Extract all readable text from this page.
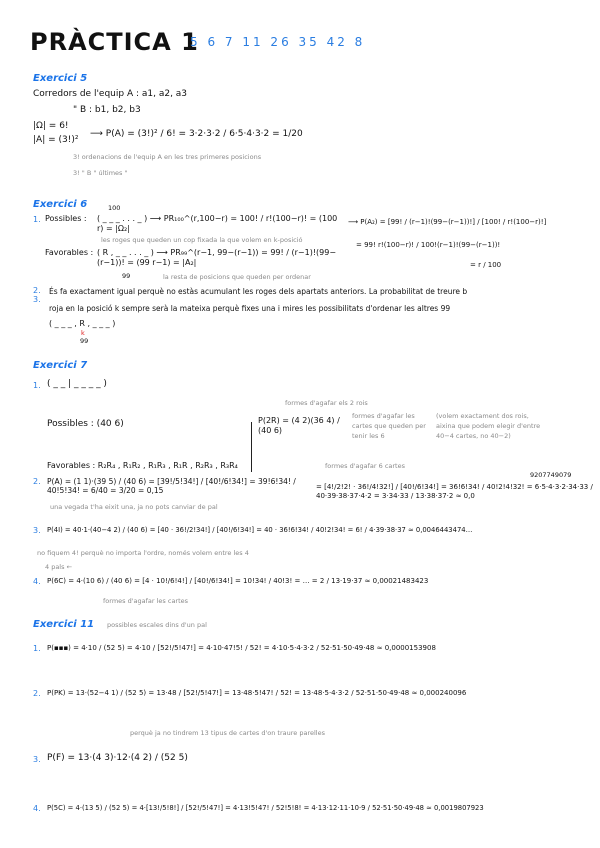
PRÀCTICA 1
5 6 7 11 26 35 42 8
Exercici 5
Corredors de l'equip A : a1, a2, a3
" B : b1, b2, b3
|Ω| = 6!
|A| = (3!)²
⟶ P(A) = (3!)² / 6! = 3·2·3·2 / 6·5·4·3·2 = 1/20
3! ordenacions de l'equip A en les tres primeres posicions
3! " B " últimes "
Exercici 6	100
1. Possibles : ( _ _ _ . . . _ ) ⟶ PR₁₀₀^(r,100−r) = 100! / r!(100−r)! = (100 r) = |Ω₂|
les roges que queden un cop fixada la que volem en k-posició
Favorables : ( R , _ _ . . . _ ) ⟶ PR₉₉^(r−1, 99−(r−1)) = 99! / (r−1)!(99−(r−1))! = (99 r−1) = |A₂|
99	la resta de posicions que queden per ordenar
⟶ P(A₂) = [99! / (r−1)!(99−(r−1))!] / [100! / r!(100−r)!]
= 99! r!(100−r)! / 100!(r−1)!(99−(r−1))!
= r / 100
2.
3.
És fa exactament igual perquè no estàs acumulant les roges dels apartats anteriors. La probabilitat de treure b
roja en la posició k sempre serà la mateixa perquè fixes una i mires les possibilitats d'ordenar les altres 99
( _ _ _ , R , _ _ _ )
k
99
Exercici 7
1. ( _ _ | _ _ _ _ )
formes d'agafar els 2 rois
Possibles : (40 6)	P(2R) = (4 2)(36 4) / (40 6)
formes d'agafar les cartes que queden per tenir les 6
(volem exactament dos rois, aixina que podem elegir d'entre 40−4 cartes, no 40−2)
Favorables : R₂R₄ , R₁R₂ , R₁R₃ , R₁R , R₂R₃ , R₃R₄	formes d'agafar 6 cartes
9207749079
= [4!/2!2! · 36!/4!32!] / [40!/6!34!] = 36!6!34! / 40!2!4!32! = 6·5·4·3·2·34·33 / 40·39·38·37·4·2 = 3·34·33 / 13·38·37·2 ≈ 0,0
2. P(A) = (1 1)·(39 5) / (40 6) = [39!/5!34!] / [40!/6!34!] = 39!6!34! / 40!5!34! = 6/40 = 3/20 = 0,15
una vegada t'ha eixit una, ja no pots canviar de pal
3. P(4I) = 40·1·(40−4 2) / (40 6) = [40 · 36!/2!34!] / [40!/6!34!] = 40 · 36!6!34! / 40!2!34! = 6! / 4·39·38·37 ≈ 0,0046443474…
no fiquem 4! perquè no importa l'ordre, només volem entre les 4
4 pals ←
4. P(6C) = 4·(10 6) / (40 6) = [4 · 10!/6!4!] / [40!/6!34!] = 10!34! / 40!3! = … = 2 / 13·19·37 ≈ 0,00021483423
formes d'agafar les cartes
Exercici 11 possibles escales dins d'un pal
1. P(▪▪▪) = 4·10 / (52 5) = 4·10 / [52!/5!47!] = 4·10·47!5! / 52! = 4·10·5·4·3·2 / 52·51·50·49·48 ≈ 0,0000153908
2. P(PK) = 13·(52−4 1) / (52 5) = 13·48 / [52!/5!47!] = 13·48·5!47! / 52! = 13·48·5·4·3·2 / 52·51·50·49·48 ≈ 0,000240096
perquè ja no tindrem 13 tipus de cartes d'on traure parelles
3. P(F) = 13·(4 3)·12·(4 2) / (52 5)
4. P(5C) = 4·(13 5) / (52 5) = 4·[13!/5!8!] / [52!/5!47!] = 4·13!5!47! / 52!5!8! = 4·13·12·11·10·9 / 52·51·50·49·48 ≈ 0,0019807923
